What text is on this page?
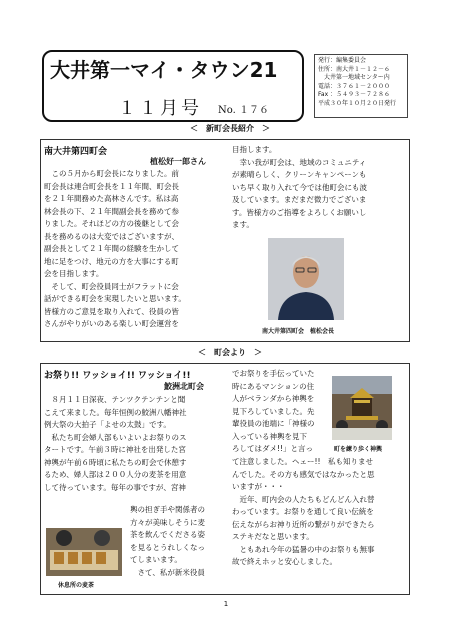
大井第一マイ・タウン21
１１月号 No. １７６
発行：編集委員会
住所：南大井１－１２－６
　大井第一地域センター内
電話：３７６１－２０００
Fax ：５４９３－７２８６
平成３０年１０月２０日発行
＜　新町会長紹介　＞
南大井第四町会
植松好一郎さん

　この５月から町会長になりました。前

町会長は連合町会長を１１年間、町会長

を２１年間務めた高林さんです。私は高

林会長の下、２１年間副会長を務めて参

りました。それほどの方の後継として会

長を務めるのは大変ではございますが、

副会長として２１年間の経験を生かして

地に足をつけ、地元の方を大事にする町

会を目指します。

　そして、町会役員同士がフラットに会

話ができる町会を実現したいと思います。

皆様方のご意見を取り入れて、役員の皆

さんがやりがいのある楽しい町会運営を

目指します。

　幸い我が町会は、地域のコミュニティ

が素晴らしく、クリーンキャンペーンも

いち早く取り入れて今では他町会にも波

及しています。まだまだ微力でございま

す。皆様方のご指導をよろしくお願いし

ます。

南大井第四町会　植松会長
＜　町会より　＞
お祭り!! ワッショイ!! ワッショイ!!
鮫洲北町会

　８月１１日深夜、テンツクテンテンと聞

こえて来ました。毎年恒例の鮫洲八幡神社

例大祭の大拍子「よせの太鼓」です。

　私たち町会婦人部もいよいよお祭りのス

タートです。午前３時に神社を出発した宮

神輿が午前６時頃に私たちの町会で休憩す

るため、婦人部は２００人分の麦茶を用意

して待っています。毎年の事ですが、宮神

輿の担ぎ手や関係者の

方々が美味しそうに麦

茶を飲んでくださる姿

を見るとうれしくなっ

てしまいます。

　さて、私が新米役員

でお祭りを手伝っていた

時にあるマンションの住

人がベランダから神輿を

見下ろしていました。先

輩役員の池端に「神様の

入っている神輿を見下

ろしてはダメ!!」と言っ

て注意しました。ヘェー!!　私も知りませ

んでした。その方も感気ではなかったと思

いますが・・・

　近年、町内会の人たちもどんどん入れ替

わっています。お祭りを通して良い伝統を

伝えながらお神り近所の繋がりができたら

ステキだなと思います。

　ともあれ今年の猛暑の中のお祭りも無事

故で終えホッと安心しました。

町を練り歩く神輿
休息所の麦茶
1
